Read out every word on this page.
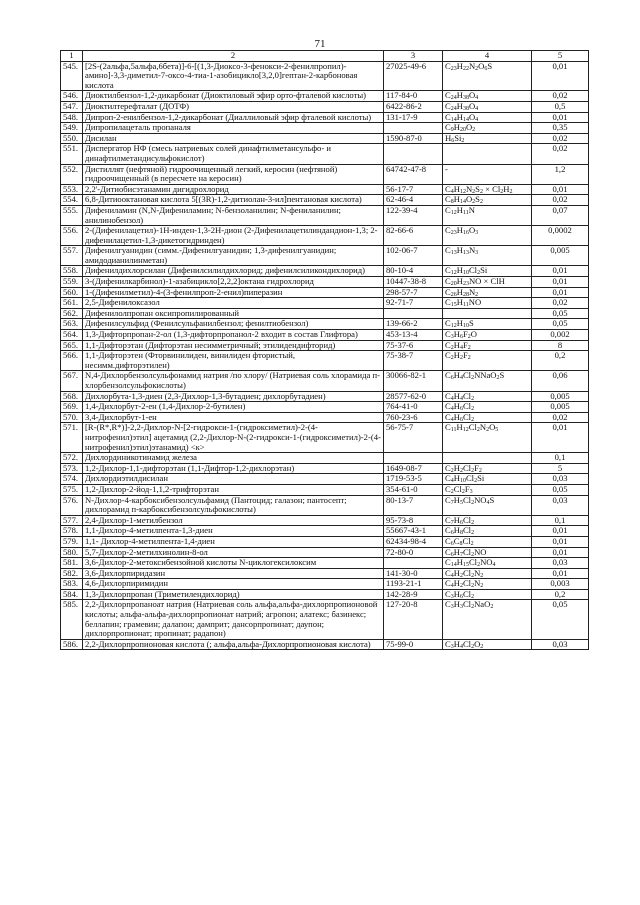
71
1	2	3	4	5
545.	[2S-(2альфа,5альфа,6бета)]-6-[(1,3-Диоксо-3-фенокси-2-фенилпропил)-амино]-3,3-диметил-7-оксо-4-тиа-1-азобицикло[3,2,0]гептан-2-карбоновая кислота	27025-49-6	$C_{23}H_{22}N_2O_6S$	0,01
546.	Диоктилбензол-1,2-дикарбонат (Диоктиловый эфир орто-фталевой кислоты)	117-84-0	$C_{24}H_{38}O_4$	0,02
547.	Диоктилтерефталат (ДОТФ)	6422-86-2	$C_{24}H_{38}O_4$	0,5
548.	Дипроп-2-енилбензол-1,2-дикарбонат (Диаллиловый эфир фталевой кислоты)	131-17-9	$C_{14}H_{14}O_4$	0,01
549.	Дипропилацеталь пропаналя		$C_9H_{20}O_2$	0,35
550.	Дисилан	1590-87-0	$H_6Si_2$	0,02
551.	Диспергатор НФ (смесь натриевых солей динафтилметансульфо- и динафтилметандисульфокислот)			0,02
552.	Дистиллят (нефтяной) гидроочищенный легкий, керосин (нефтяной) гидроочищенный (в пересчете на керосин)	64742-47-8	-	1,2
553.	2,2'-Дитиобисэтанамин дигидрохлорид	56-17-7	$C_4H_{12}N_2S_2 \times Cl_2H_2$	0,01
554.	6,8-Дитиооктановая кислота 5[(3R)-1,2-дитиолан-3-ил]пентановая кислота)	62-46-4	$C_8H_{14}O_2S_2$	0,02
555.	Дифениламин (N,N-Дифениламин; N-бензоланилин; N-фениланилин; анилинобензол)	122-39-4	$C_{12}H_{11}N$	0,07
556.	2-(Дифенилацетил)-1Н-инден-1,3-2Н-дион (2-Дифенилацетилиндандион-1,3; 2-дифенилацетил-1,3-дикетогидринден)	82-66-6	$C_{23}H_{16}O_3$	0,0002
557.	Дифенилгуанидин (симм.-Дифенилгуанидин; 1,3-дифенилгуанидин; амидодианилинметан)	102-06-7	$C_{13}H_{13}N_3$	0,005
558.	Дифенилдихлорсилан (Дифенилсилилдихлорид; дифенилсиликондихлорид)	80-10-4	$C_{12}H_{10}Cl_2Si$	0,01
559.	3-(Дифенилкарбинол)-1-азабицикло[2,2,2]октана гидрохлорид	10447-38-8	$C_{20}H_{23}NO$ × ClH	0,01
560.	1-(Дифенилметил)-4-(3-фенилпроп-2-енил)пиперазин	298-57-7	$C_{26}H_{28}N_2$	0,01
561.	2,5-Дифенилоксазол	92-71-7	$C_{15}H_{11}NO$	0,02
562.	Дифенилолпропан оксипропилированный			0,05
563.	Дифенилсульфид (Фенилсульфанилбензол; фенилтиобензол)	139-66-2	$C_{12}H_{10}S$	0,05
564.	1,3-Дифторпропан-2-ол (1,3-дифторпропанол-2 входит в состав Глифтора)	453-13-4	$C_3H_6F_2O$	0,002
565.	1,1-Дифторэтан (Дифторэтан несимметричный; этилидендифторид)	75-37-6	$C_2H_4F_2$	8
566.	1,1-Дифторэтен (Фторвинилиден, винилиден фтористый, несимм.дифторэтилен)	75-38-7	$C_2H_2F_2$	0,2
567.	N,4-Дихлорбензолсульфонамид натрия /по хлору/ (Натриевая соль хлорамида п-хлорбензолсульфокислоты)	30066-82-1	$C_6H_4Cl_2NNaO_2S$	0,06
568.	Дихлорбута-1,3-диен (2,3-Дихлор-1,3-бутадиен; дихлорбутадиен)	28577-62-0	$C_4H_4Cl_2$	0,005
569.	1,4-Дихлорбут-2-ен (1,4-Дихлор-2-бутилен)	764-41-0	$C_4H_6Cl_2$	0,005
570.	3,4-Дихлорбут-1-ен	760-23-6	$C_4H_6Cl_2$	0,02
571.	[R-(R*,R*)]-2,2-Дихлор-N-[2-гидрокси-1-(гидроксиметил)-2-(4-нитрофенил)этил] ацетамид (2,2-Дихлор-N-(2-гидрокси-1-(гидроксиметил)-2-(4-нитрофенил)этил)этанамид) <к>	56-75-7	$C_{11}H_{12}Cl_2N_2O_5$	0,01
572.	Дихлординикотинамид железа			0,1
573.	1,2-Дихлор-1,1-дифторэтан (1,1-Дифтор-1,2-дихлорэтан)	1649-08-7	$C_2H_2Cl_2F_2$	5
574.	Дихлордиэтилдисилан	1719-53-5	$C_4H_{10}Cl_2Si$	0,03
575.	1,2-Дихлор-2-йод-1,1,2-трифторэтан	354-61-0	$C_2Cl_2F_3$	0,05
576.	N-Дихлор-4-карбоксибензолсульфамид (Пантоцид; галазон; пантосепт; дихлорамид п-карбоксибензолсульфокислоты)	80-13-7	$C_7H_5Cl_2NO_4S$	0,03
577.	2,4-Дихлор-1-метилбензол	95-73-8	$C_7H_6Cl_2$	0,1
578.	1,1-Дихлор-4-метилпента-1,3-диен	55667-43-1	$C_6H_8Cl_2$	0,01
579.	1,1- Дихлор-4-метилпента-1,4-диен	62434-98-4	$C_6C_8Cl_2$	0,01
580.	5,7-Дихлор-2-метилхинолин-8-ол	72-80-0	$C_6H_7Cl_2NO$	0,01
581.	3,6-Дихлор-2-метоксибензойной кислоты N-циклогексилоксим		$C_{14}H_{15}Cl_2NO_4$	0,03
582.	3,6-Дихлорпиридазин	141-30-0	$C_4H_2Cl_2N_2$	0,01
583.	4,6-Дихлорпиримидин	1193-21-1	$C_4H_2Cl_2N_2$	0,003
584.	1,3-Дихлорпропан (Триметилендихлорид)	142-28-9	$C_3H_6Cl_2$	0,2
585.	2,2-Дихлорпропаноат натрия (Натриевая соль альфа,альфа-дихлорпропионовой кислоты; альфа-альфа-дихлорпропионат натрий; агропон; алатекс; базинекс; беллапин; грамевин; далапон; дамприт; дансорпропинат; даупон; дихлорпропионат; пропинат; радапон)	127-20-8	$C_3H_3Cl_2NaO_2$	0,05
586.	2,2-Дихлорпропионовая кислота (; альфа,альфа-Дихлорпропионовая кислота)	75-99-0	$C_3H_4Cl_2O_2$	0,03
